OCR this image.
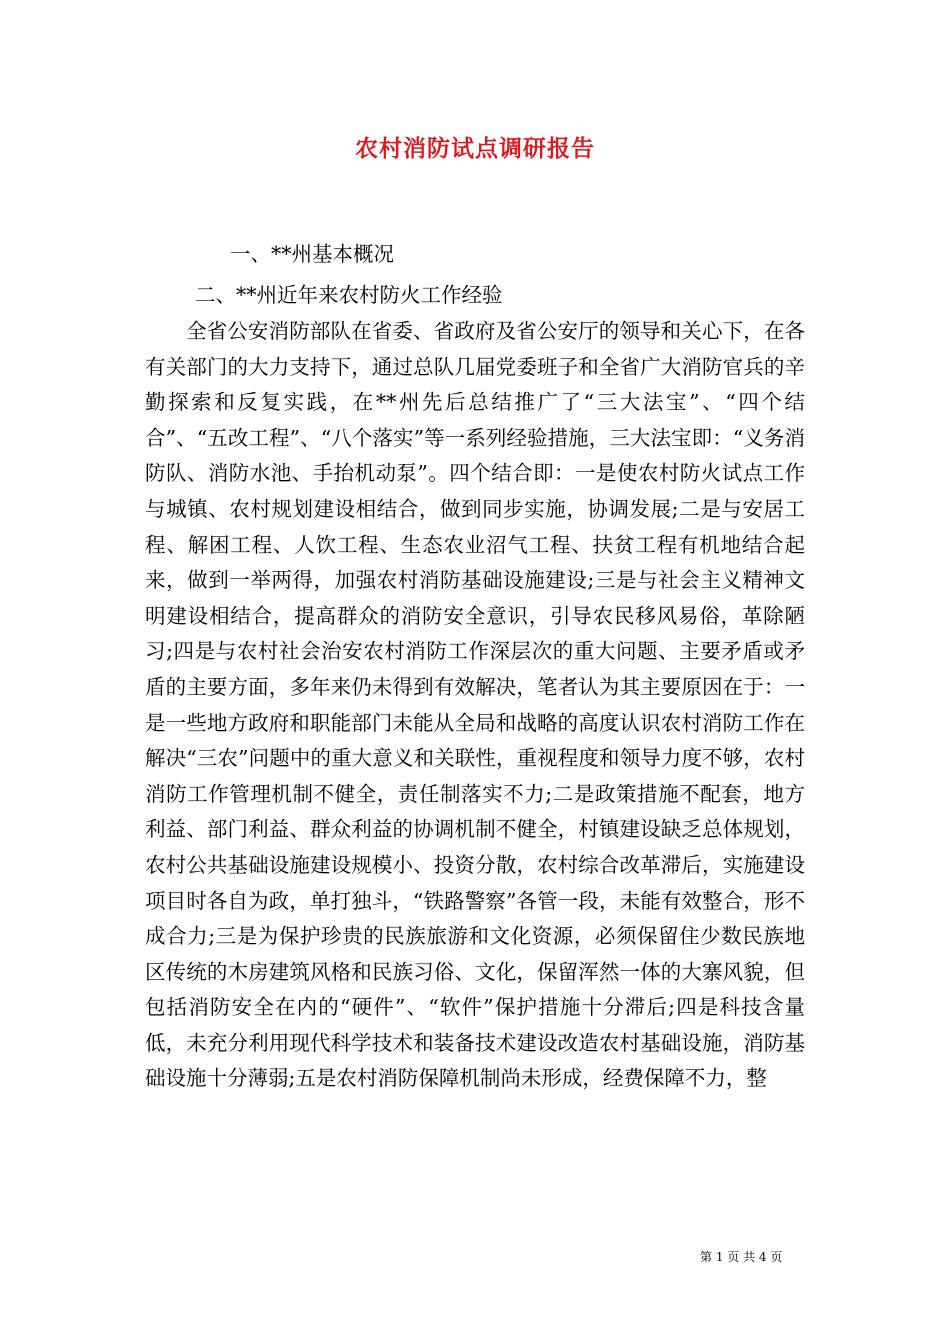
农村消防试点调研报告
一、**州基本概况
二、**州近年来农村防火工作经验

全省公安消防部队在省委、省政府及省公安厅的领导和关心下，在各有关部门的大力支持下，通过总队几届党委班子和全省广大消防官兵的辛勤探索和反复实践，在**州先后总结推广了“三大法宝”、“四个结合”、“五改工程”、“八个落实”等一系列经验措施，三大法宝即：“义务消防队、消防水池、手抬机动泵”。四个结合即：一是使农村防火试点工作与城镇、农村规划建设相结合，做到同步实施，协调发展;二是与安居工程、解困工程、人饮工程、生态农业沼气工程、扶贫工程有机地结合起来，做到一举两得，加强农村消防基础设施建设;三是与社会主义精神文明建设相结合，提高群众的消防安全意识，引导农民移风易俗，革除陋习;四是与农村社会治安农村消防工作深层次的重大问题、主要矛盾或矛盾的主要方面，多年来仍未得到有效解决，笔者认为其主要原因在于：一是一些地方政府和职能部门未能从全局和战略的高度认识农村消防工作在解决“三农”问题中的重大意义和关联性，重视程度和领导力度不够，农村消防工作管理机制不健全，责任制落实不力;二是政策措施不配套，地方利益、部门利益、群众利益的协调机制不健全，村镇建设缺乏总体规划，农村公共基础设施建设规模小、投资分散，农村综合改革滞后，实施建设项目时各自为政，单打独斗，“铁路警察”各管一段，未能有效整合，形不成合力;三是为保护珍贵的民族旅游和文化资源，必须保留住少数民族地区传统的木房建筑风格和民族习俗、文化，保留浑然一体的大寨风貌，但包括消防安全在内的“硬件”、“软件”保护措施十分滞后;四是科技含量低，未充分利用现代科学技术和装备技术建设改造农村基础设施，消防基础设施十分薄弱;五是农村消防保障机制尚未形成，经费保障不力，整

第 1 页 共 4 页
